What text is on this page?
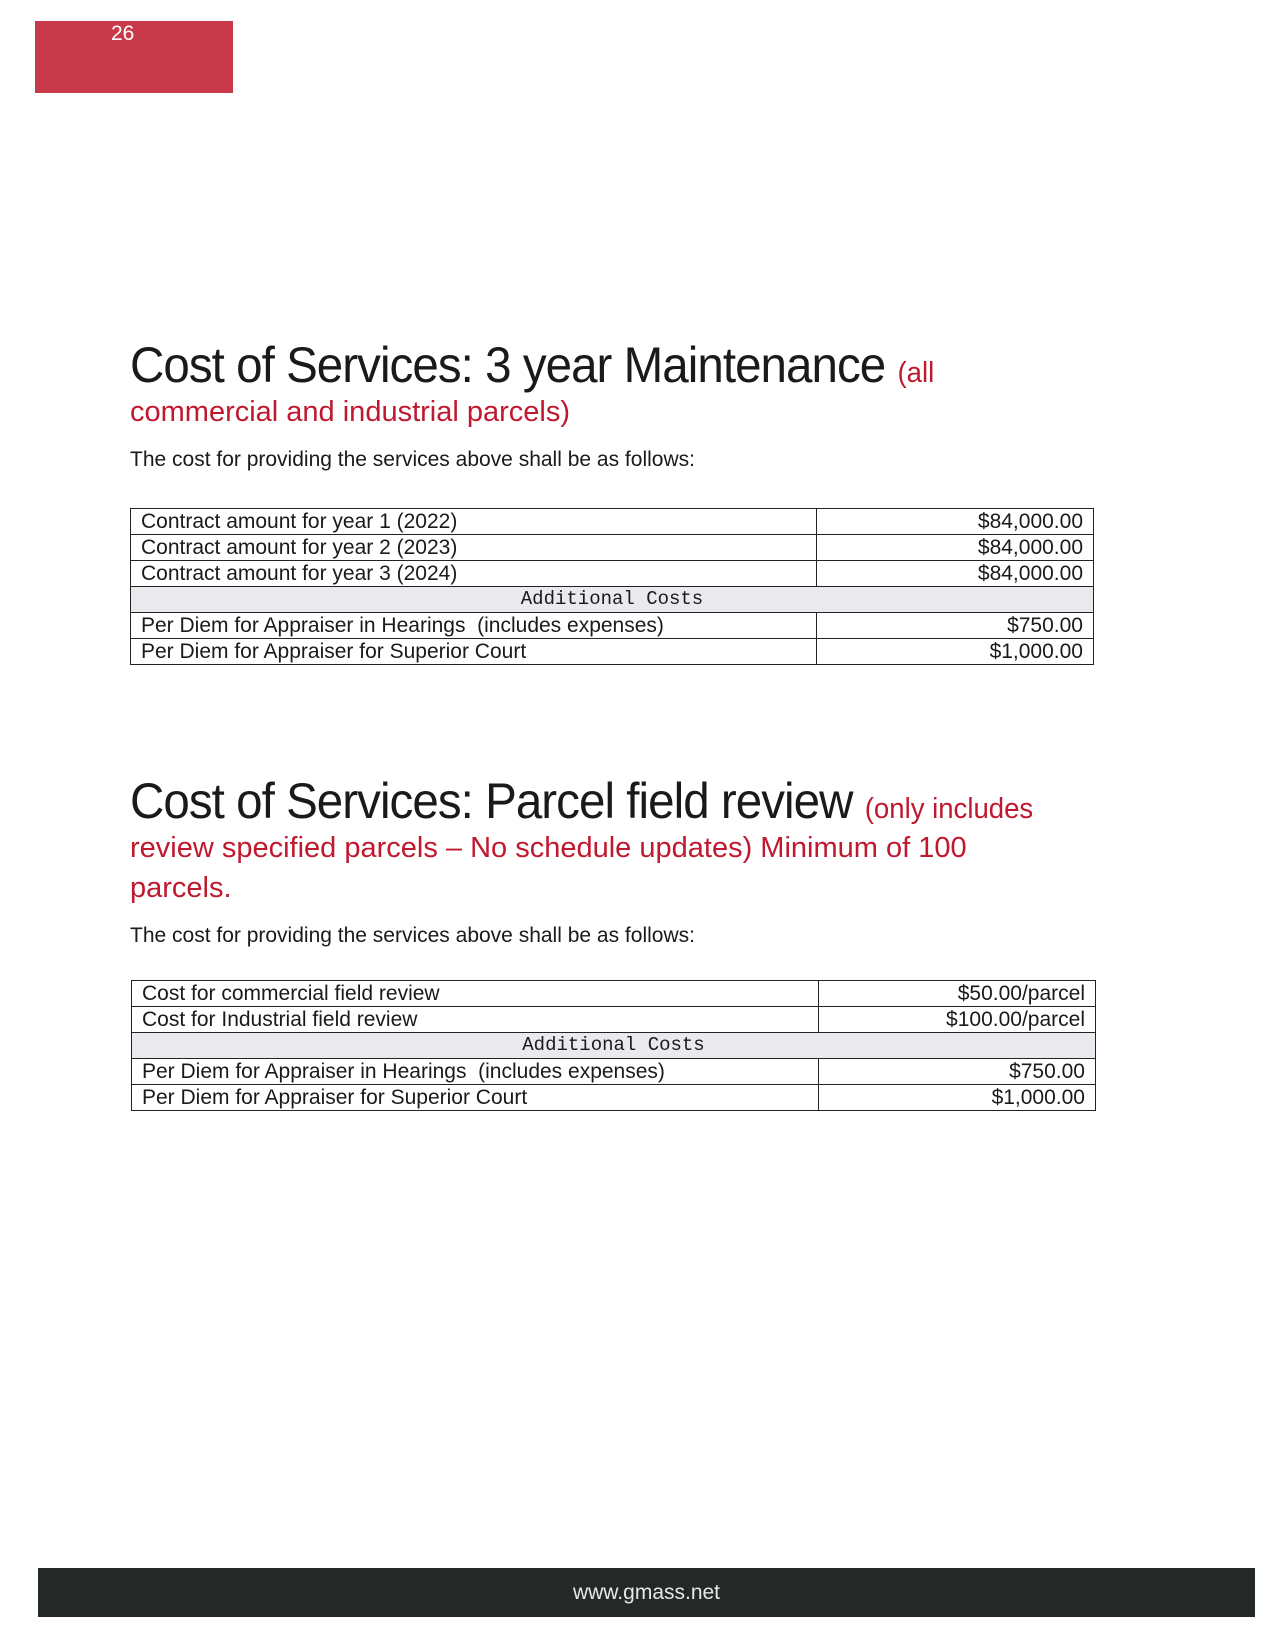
26
Cost of Services: 3 year Maintenance (all

commercial and industrial parcels)

The cost for providing the services above shall be as follows:

Contract amount for year 1 (2022)	$84,000.00
Contract amount for year 2 (2023)	$84,000.00
Contract amount for year 3 (2024)	$84,000.00
Additional Costs	
Per Diem for Appraiser in Hearings  (includes expenses)	$750.00
Per Diem for Appraiser for Superior Court	$1,000.00
Cost of Services: Parcel field review (only includes

review specified parcels – No schedule updates) Minimum of 100

parcels.

The cost for providing the services above shall be as follows:

Cost for commercial field review	$50.00/parcel
Cost for Industrial field review	$100.00/parcel
Additional Costs	
Per Diem for Appraiser in Hearings  (includes expenses)	$750.00
Per Diem for Appraiser for Superior Court	$1,000.00
www.gmass.net
